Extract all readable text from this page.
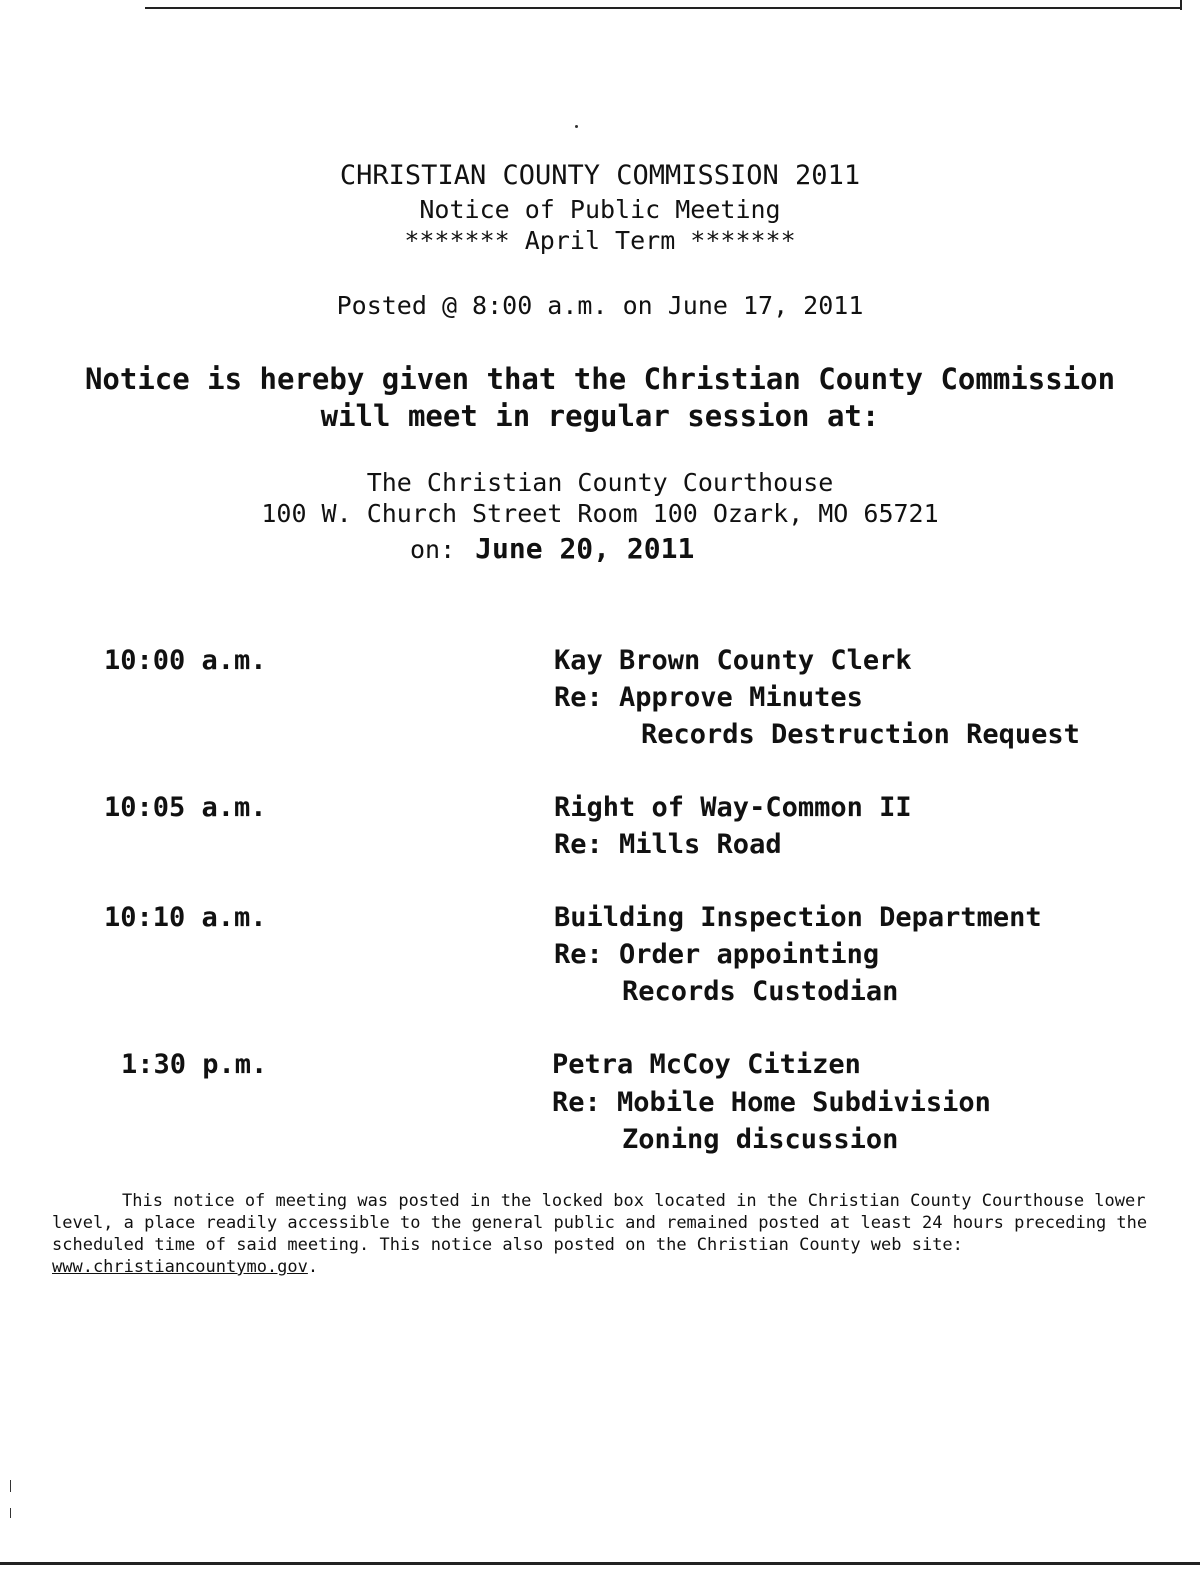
CHRISTIAN COUNTY COMMISSION 2011
Notice of Public Meeting
******* April Term *******
Posted @ 8:00 a.m. on June 17, 2011
Notice is hereby given that the Christian County Commission
will meet in regular session at:
The Christian County Courthouse
100 W. Church Street Room 100 Ozark, MO 65721
on: June 20, 2011
10:00 a.m.	Kay Brown County Clerk
Re: Approve Minutes
Records Destruction Request
10:05 a.m.	Right of Way-Common II
Re: Mills Road
10:10 a.m.	Building Inspection Department
Re: Order appointing
Records Custodian
1:30 p.m.	Petra McCoy Citizen
Re: Mobile Home Subdivision
Zoning discussion
This notice of meeting was posted in the locked box located in the Christian County Courthouse lower level, a place readily accessible to the general public and remained posted at least 24 hours preceding the scheduled time of said meeting. This notice also posted on the Christian County web site: www.christiancountymo.gov.
